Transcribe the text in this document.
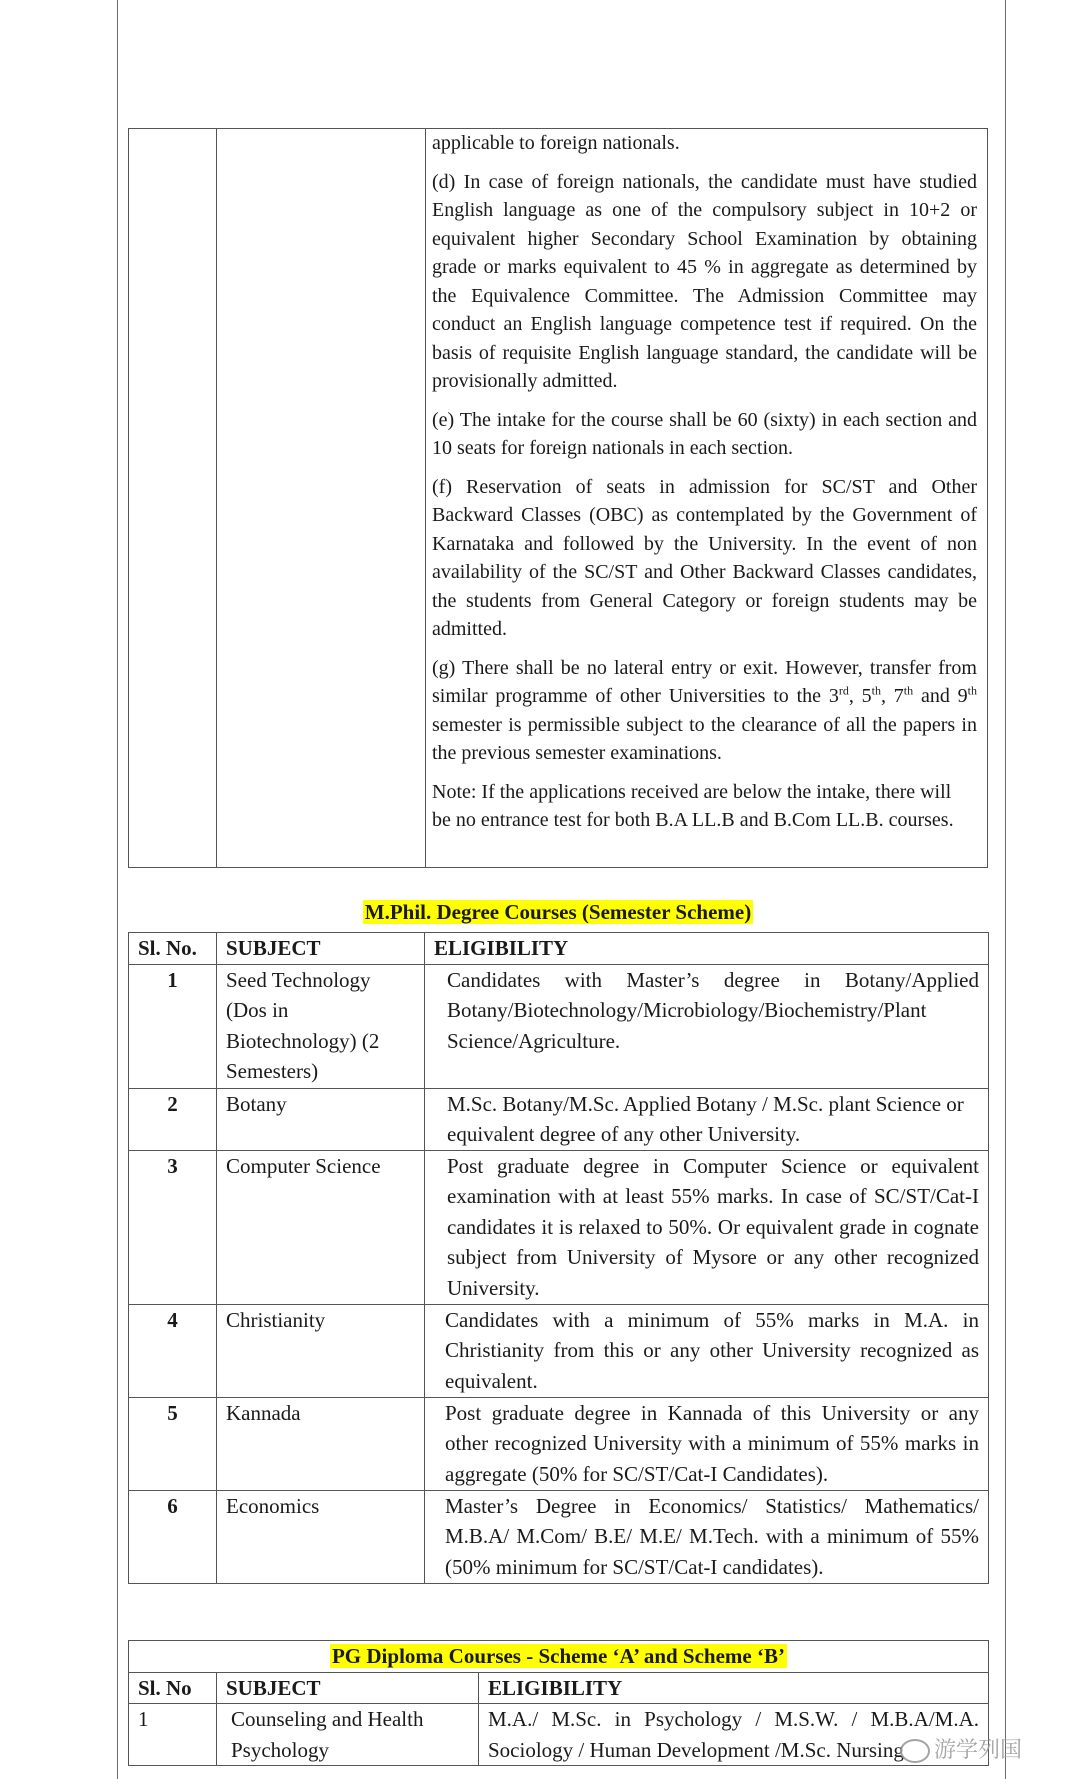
applicable to foreign nationals.

(d) In case of foreign nationals, the candidate must have studied English language as one of the compulsory subject in 10+2 or equivalent higher Secondary School Examination by obtaining grade or marks equivalent to 45 % in aggregate as determined by the Equivalence Committee. The Admission Committee may conduct an English language competence test if required. On the basis of requisite English language standard, the candidate will be provisionally admitted.

(e) The intake for the course shall be 60 (sixty) in each section and 10 seats for foreign nationals in each section.

(f) Reservation of seats in admission for SC/ST and Other Backward Classes (OBC) as contemplated by the Government of Karnataka and followed by the University. In the event of non availability of the SC/ST and Other Backward Classes candidates, the students from General Category or foreign students may be admitted.

(g) There shall be no lateral entry or exit. However, transfer from similar programme of other Universities to the 3rd, 5th, 7th and 9th semester is permissible subject to the clearance of all the papers in the previous semester examinations.

Note: If the applications received are below the intake, there will be no entrance test for both B.A LL.B and B.Com LL.B. courses.

M.Phil. Degree Courses (Semester Scheme)
Sl. No.	SUBJECT	ELIGIBILITY
1	Seed Technology (Dos in Biotechnology) (2 Semesters)	Candidates with Master’s degree in Botany/Applied Botany/Biotechnology/Microbiology/Biochemistry/Plant Science/Agriculture.
2	Botany	M.Sc. Botany/M.Sc. Applied Botany / M.Sc. plant Science or equivalent degree of any other University.
3	Computer Science	Post graduate degree in Computer Science or equivalent examination with at least 55% marks. In case of SC/ST/Cat-I candidates it is relaxed to 50%. Or equivalent grade in cognate subject from University of Mysore or any other recognized University.
4	Christianity	Candidates with a minimum of 55% marks in M.A. in Christianity from this or any other University recognized as equivalent.
5	Kannada	Post graduate degree in Kannada of this University or any other recognized University with a minimum of 55% marks in aggregate (50% for SC/ST/Cat-I Candidates).
6	Economics	Master’s Degree in Economics/ Statistics/ Mathematics/ M.B.A/ M.Com/ B.E/ M.E/ M.Tech. with a minimum of 55%(50% minimum for SC/ST/Cat-I candidates).
PG Diploma Courses - Scheme ‘A’ and Scheme ‘B’		
Sl. No	SUBJECT	ELIGIBILITY
1	Counseling and Health Psychology	M.A./ M.Sc. in Psychology / M.S.W. / M.B.A/M.A. Sociology / Human Development /M.Sc. Nursing	游学列国
